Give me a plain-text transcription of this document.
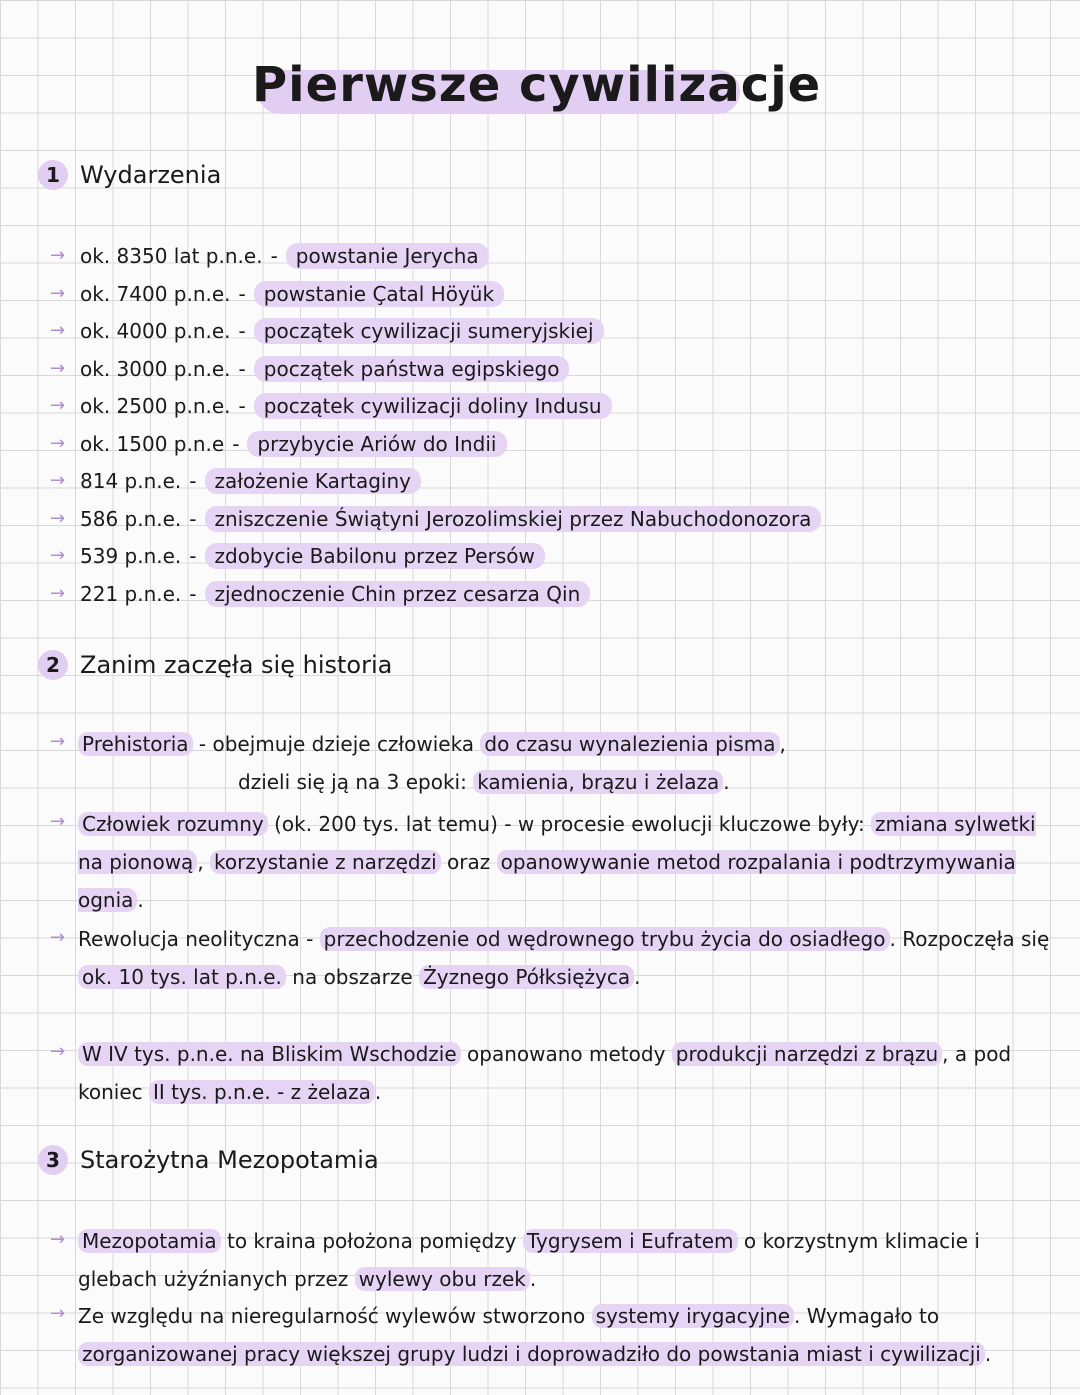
Pierwsze cywilizacje
1 Wydarzenia
→ ok. 8350 lat p.n.e. - powstanie Jerycha
→ ok. 7400 p.n.e. - powstanie Çatal Höyük
→ ok. 4000 p.n.e. - początek cywilizacji sumeryjskiej
→ ok. 3000 p.n.e. - początek państwa egipskiego
→ ok. 2500 p.n.e. - początek cywilizacji doliny Indusu
→ ok. 1500 p.n.e - przybycie Ariów do Indii
→ 814 p.n.e. - założenie Kartaginy
→ 586 p.n.e. - zniszczenie Świątyni Jerozolimskiej przez Nabuchodonozora
→ 539 p.n.e. - zdobycie Babilonu przez Persów
→ 221 p.n.e. - zjednoczenie Chin przez cesarza Qin
2 Zanim zaczęła się historia
→ Prehistoria - obejmuje dzieje człowieka do czasu wynalezienia pisma ,
dzieli się ją na 3 epoki: kamienia, brązu i żelaza .
→ Człowiek rozumny (ok. 200 tys. lat temu) - w procesie ewolucji kluczowe były: zmiana sylwetki na pionową , korzystanie z narzędzi oraz opanowywanie metod rozpalania i podtrzymywania ognia .
→ Rewolucja neolityczna - przechodzenie od wędrownego trybu życia do osiadłego . Rozpoczęła się ok. 10 tys. lat p.n.e. na obszarze Żyznego Półksiężyca .
→ W IV tys. p.n.e. na Bliskim Wschodzie opanowano metody produkcji narzędzi z brązu , a pod koniec II tys. p.n.e. - z żelaza .
3 Starożytna Mezopotamia
→ Mezopotamia to kraina położona pomiędzy Tygrysem i Eufratem o korzystnym klimacie i glebach użyźnianych przez wylewy obu rzek .
→ Ze względu na nieregularność wylewów stworzono systemy irygacyjne . Wymagało to zorganizowanej pracy większej grupy ludzi i doprowadziło do powstania miast i cywilizacji .
